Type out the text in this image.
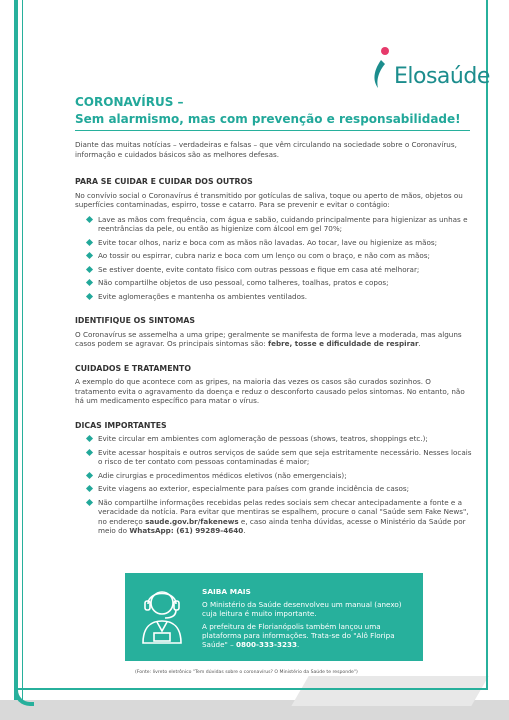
Elosaúde
CORONAVÍRUS –
Sem alarmismo, mas com prevenção e responsabilidade!

Diante das muitas notícias – verdadeiras e falsas – que vêm circulando na sociedade sobre o Coronavírus, informação e cuidados básicos são as melhores defesas.

PARA SE CUIDAR E CUIDAR DOS OUTROS

No convívio social o Coronavírus é transmitido por gotículas de saliva, toque ou aperto de mãos, objetos ou superfícies contaminadas, espirro, tosse e catarro. Para se prevenir e evitar o contágio:

Lave as mãos com frequência, com água e sabão, cuidando principalmente para higienizar as unhas e reentrâncias da pele, ou então as higienize com álcool em gel 70%;
Evite tocar olhos, nariz e boca com as mãos não lavadas. Ao tocar, lave ou higienize as mãos;
Ao tossir ou espirrar, cubra nariz e boca com um lenço ou com o braço, e não com as mãos;
Se estiver doente, evite contato físico com outras pessoas e fique em casa até melhorar;
Não compartilhe objetos de uso pessoal, como talheres, toalhas, pratos e copos;
Evite aglomerações e mantenha os ambientes ventilados.

IDENTIFIQUE OS SINTOMAS

O Coronavírus se assemelha a uma gripe; geralmente se manifesta de forma leve a moderada, mas alguns casos podem se agravar. Os principais sintomas são: febre, tosse e dificuldade de respirar.

CUIDADOS E TRATAMENTO

A exemplo do que acontece com as gripes, na maioria das vezes os casos são curados sozinhos. O tratamento evita o agravamento da doença e reduz o desconforto causado pelos sintomas. No entanto, não há um medicamento específico para matar o vírus.

DICAS IMPORTANTES

Evite circular em ambientes com aglomeração de pessoas (shows, teatros, shoppings etc.);
Evite acessar hospitais e outros serviços de saúde sem que seja estritamente necessário. Nesses locais o risco de ter contato com pessoas contaminadas é maior;
Adie cirurgias e procedimentos médicos eletivos (não emergenciais);
Evite viagens ao exterior, especialmente para países com grande incidência de casos;
Não compartilhe informações recebidas pelas redes sociais sem checar antecipadamente a fonte e a veracidade da notícia. Para evitar que mentiras se espalhem, procure o canal "Saúde sem Fake News", no endereço saude.gov.br/fakenews e, caso ainda tenha dúvidas, acesse o Ministério da Saúde por meio do WhatsApp: (61) 99289-4640.
SAIBA MAIS
O Ministério da Saúde desenvolveu um manual (anexo) cuja leitura é muito importante.
A prefeitura de Florianópolis também lançou uma plataforma para informações. Trata-se do "Alô Floripa Saúde" – 0800-333-3233.
(Fonte: livreto eletrônico "Tem dúvidas sobre o coronavírus? O Ministério da Saúde te responde")
